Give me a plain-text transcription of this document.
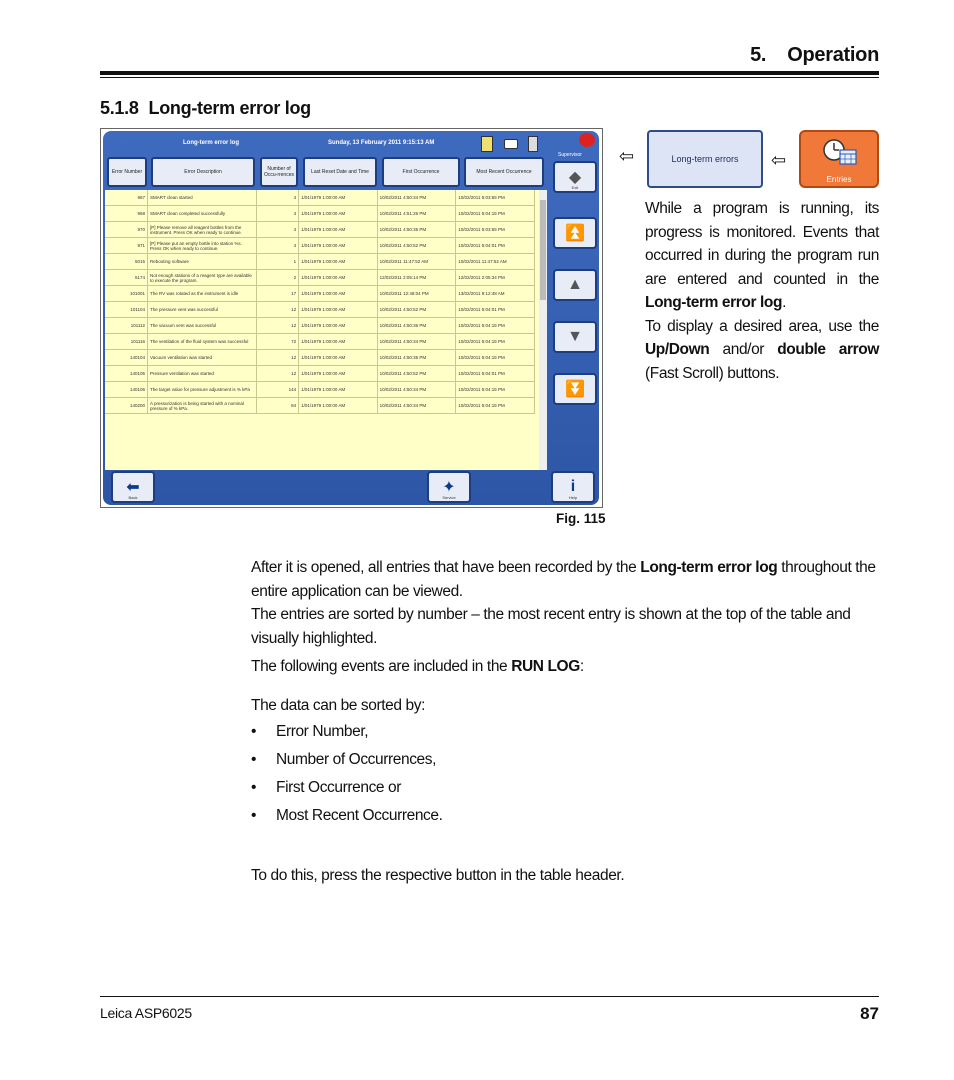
5. Operation
5.1.8 Long-term error log
Long-term error log	Sunday, 13 February 2011 9:15:13 AM
Supervisor
Error Number	Error Description	Number of Occu-rrences	Last Reset Date and Time	First Occurrence	Most Recent Occurrence
967	SMART clean started	4	1/01/1979 1:00:00 AM	10/02/2011 4:50:34 PM	10/02/2011 5:03:55 PM
968	SMART clean completed successfully	4	1/01/1979 1:00:00 AM	10/02/2011 4:51:26 PM	10/02/2011 5:04:15 PM
970	[P] Please remove all reagent bottles from the instrument. Press OK when ready to continue.	4	1/01/1979 1:00:00 AM	10/02/2011 4:50:35 PM	10/02/2011 5:03:55 PM
971	[P] Please put an empty bottle into station %s. Press OK when ready to continue.	4	1/01/1979 1:00:00 AM	10/02/2011 4:50:52 PM	10/02/2011 5:04:01 PM
5015	Rebooting software	1	1/01/1979 1:00:00 AM	10/02/2011 11:47:52 AM	10/02/2011 11:47:52 AM
5174	Not enough stations of a reagent type are available to execute the program.	2	1/01/1979 1:00:00 AM	12/02/2011 2:05:14 PM	12/02/2011 2:05:34 PM
101001	The RV was rotated as the instrument is idle	17	1/01/1979 1:00:00 AM	10/02/2011 12:48:04 PM	13/02/2011 9:12:48 AM
101104	The pressure vent was successful	12	1/01/1979 1:00:00 AM	10/02/2011 4:50:52 PM	10/02/2011 5:04:01 PM
101112	The vacuum vent was successful	12	1/01/1979 1:00:00 AM	10/02/2011 4:50:36 PM	10/02/2011 5:04:15 PM
101116	The ventilation of the fluid system was successful	72	1/01/1979 1:00:00 AM	10/02/2011 4:50:34 PM	10/02/2011 5:04:15 PM
140104	Vacuum ventilation was started	12	1/01/1979 1:00:00 AM	10/02/2011 4:50:35 PM	10/02/2011 5:04:15 PM
140105	Pressure ventilation was started	12	1/01/1979 1:00:00 AM	10/02/2011 4:50:52 PM	10/02/2011 5:04:01 PM
140106	The target value for pressure adjustment is % kPa	144	1/01/1979 1:00:00 AM	10/02/2011 4:50:34 PM	10/02/2011 5:04:15 PM
140200	A pressurization is being started with a nominal pressure of % kPa.	84	1/01/1979 1:00:00 AM	10/02/2011 4:50:34 PM	10/02/2011 5:04:15 PM
◆
Exit
⏫
▲
▼
⏬
⬅
Back
✦
Service
i
Help
⇦	Long-term errors	⇦
Entries
While a program is running, its progress is monitored. Events that occurred in during the program run are entered and counted in the Long-term error log.
To display a desired area, use the Up/Down and/or double arrow (Fast Scroll) buttons.
Fig. 115
After it is opened, all entries that have been recorded by the Long-term error log throughout the entire application can be viewed.
The entries are sorted by number – the most recent entry is shown at the top of the table and visually highlighted.
The following events are included in the RUN LOG:
The data can be sorted by:
• Error Number,
• Number of Occurrences,
• First Occurrence or
• Most Recent Occurrence.
To do this, press the respective button in the table header.
Leica ASP6025	87
